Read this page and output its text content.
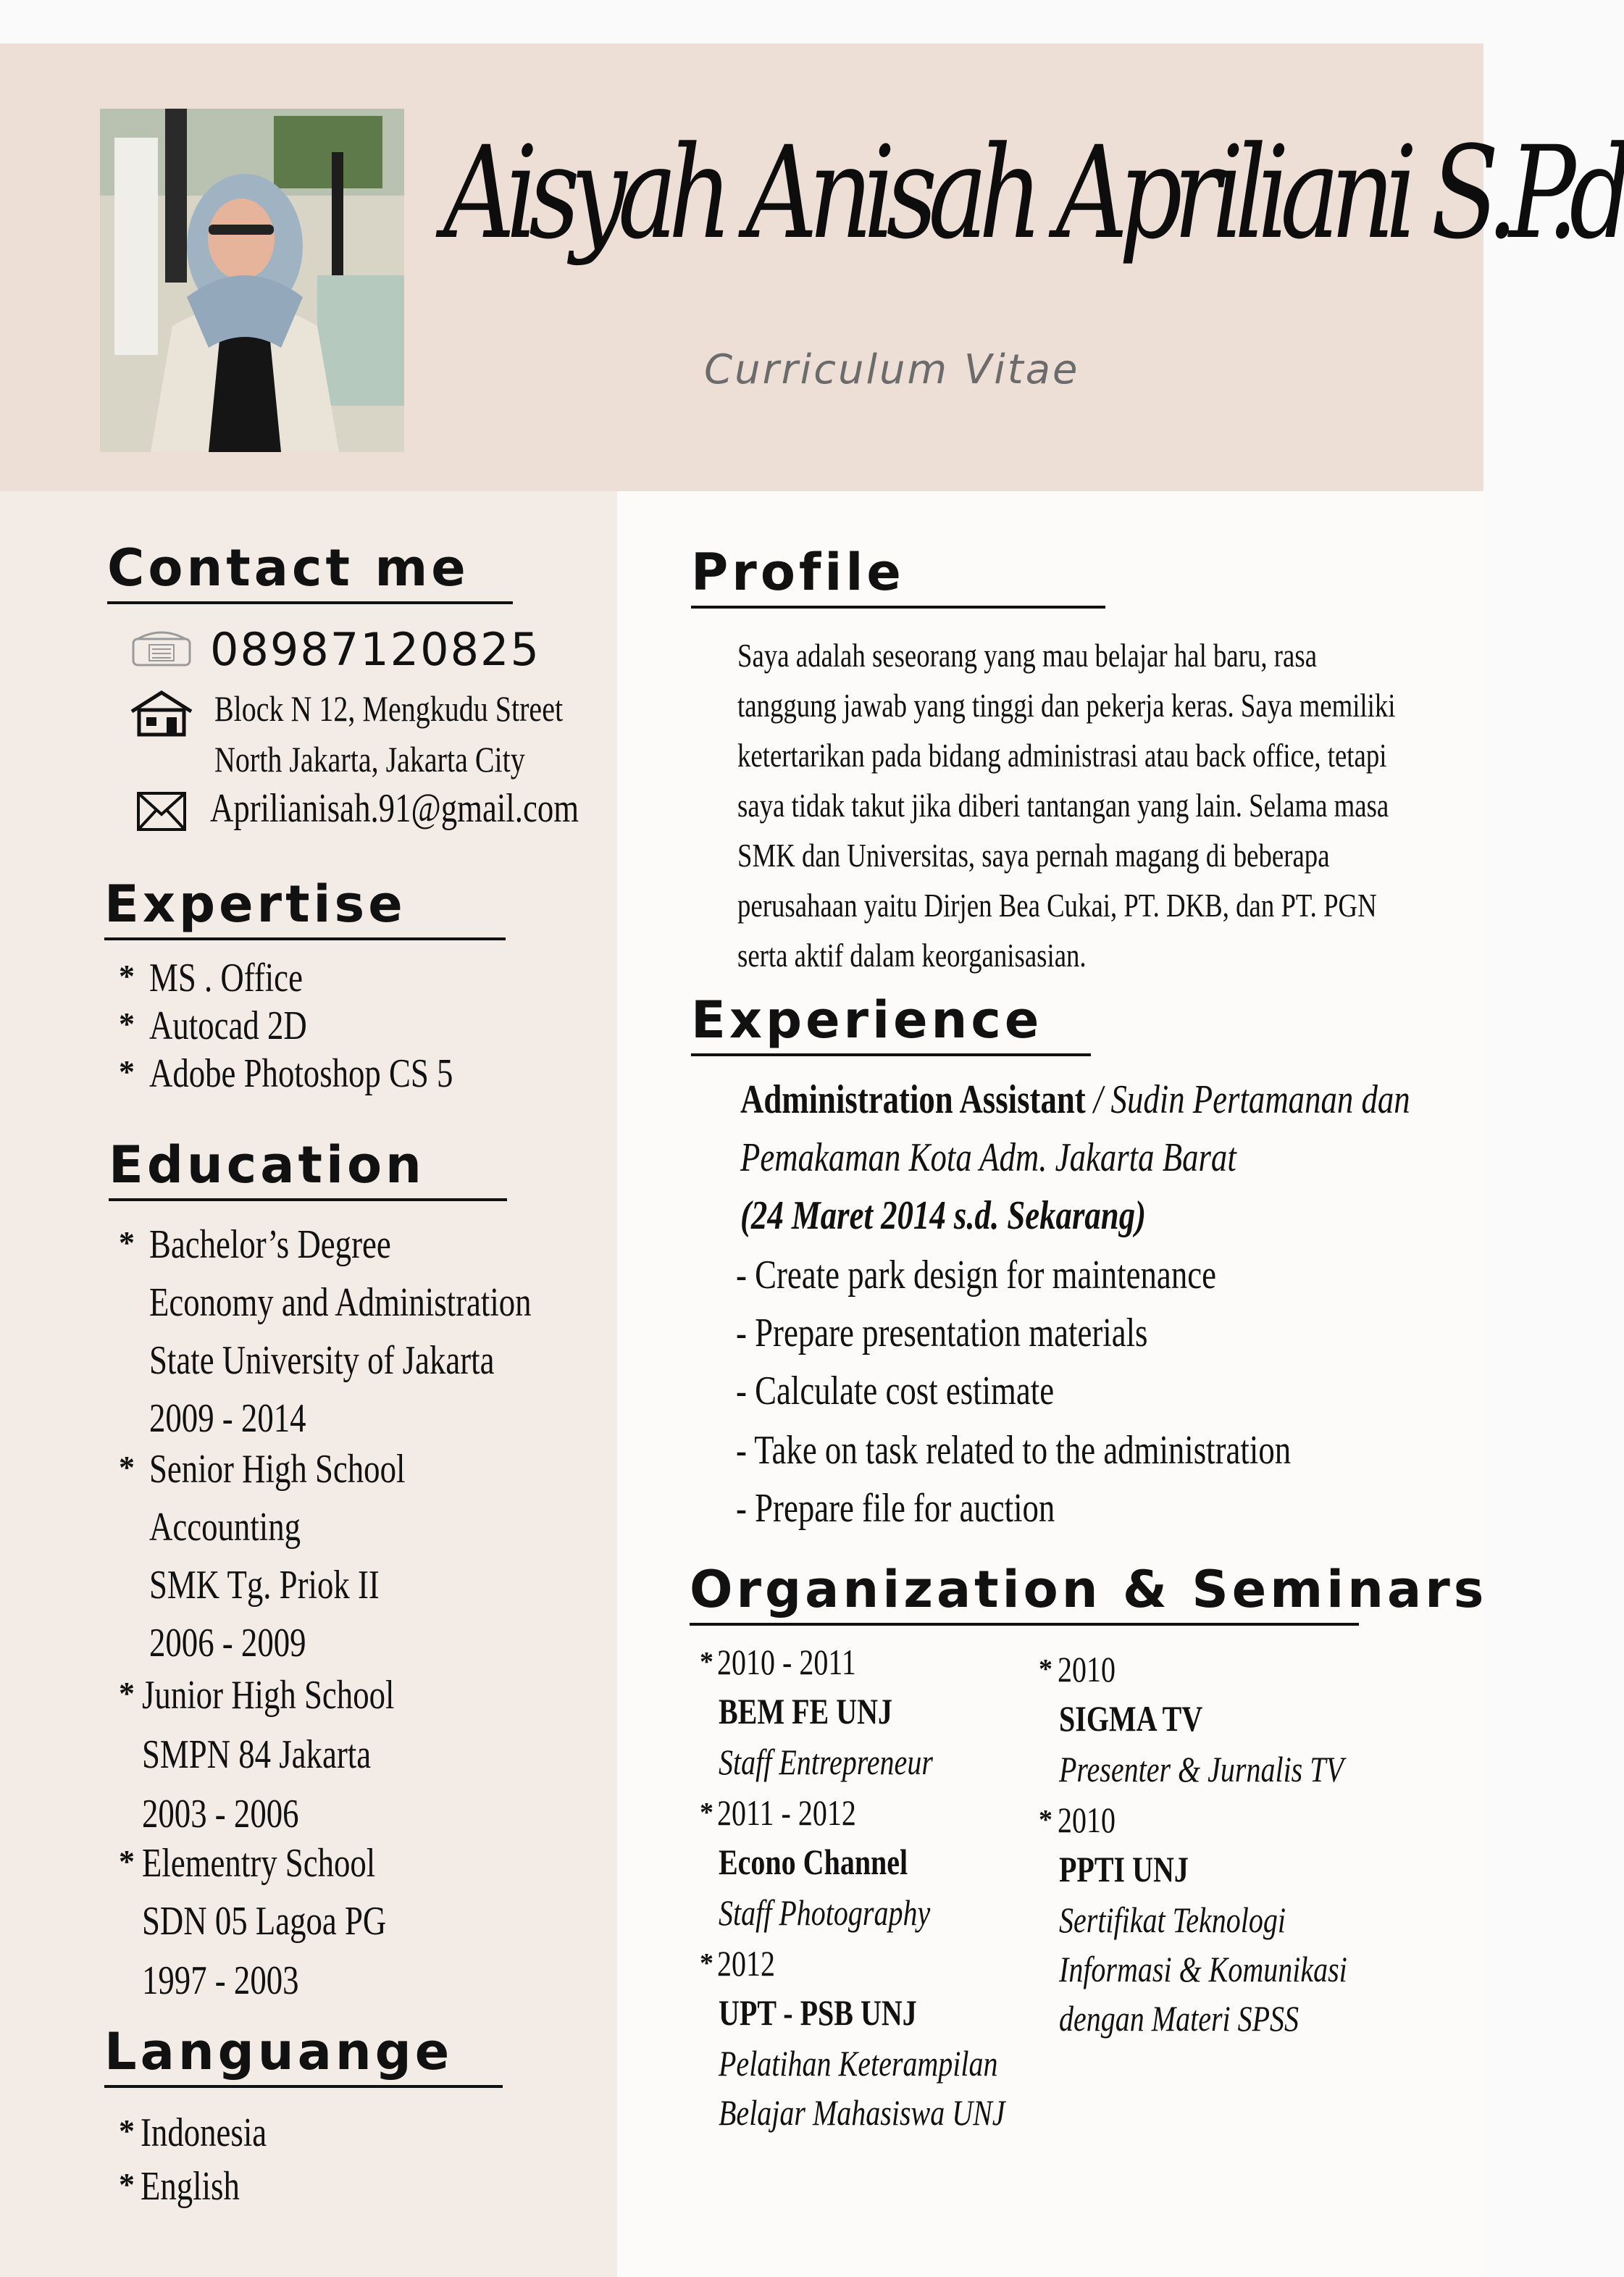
Aisyah Anisah Apriliani S.P.d
Curriculum Vitae
Contact me
08987120825
Block N 12, Mengkudu Street
North Jakarta, Jakarta City
Aprilianisah.91@gmail.com
Expertise
* MS . Office
* Autocad 2D
* Adobe Photoshop CS 5
Education
* Bachelor’s Degree
Economy and Administration
State University of Jakarta
2009 - 2014
* Senior High School
Accounting
SMK Tg. Priok II
2006 - 2009
* Junior High School
SMPN 84 Jakarta
2003 - 2006
* Elementry School
SDN 05 Lagoa PG
1997 - 2003
Languange
* Indonesia
* English
Profile
Saya adalah seseorang yang mau belajar hal baru, rasa
tanggung jawab yang tinggi dan pekerja keras. Saya memiliki
ketertarikan pada bidang administrasi atau back office, tetapi
saya tidak takut jika diberi tantangan yang lain. Selama masa
SMK dan Universitas, saya pernah magang di beberapa
perusahaan yaitu Dirjen Bea Cukai, PT. DKB, dan PT. PGN
serta aktif dalam keorganisasian.
Experience
Administration Assistant / Sudin Pertamanan dan
Pemakaman Kota Adm. Jakarta Barat
(24 Maret 2014 s.d. Sekarang)
- Create park design for maintenance
- Prepare presentation materials
- Calculate cost estimate
- Take on task related to the administration
- Prepare file for auction
Organization & Seminars
* 2010 - 2011
BEM FE UNJ
Staff Entrepreneur
* 2011 - 2012
Econo Channel
Staff Photography
* 2012
UPT - PSB UNJ
Pelatihan Keterampilan
Belajar Mahasiswa UNJ
* 2010
SIGMA TV
Presenter & Jurnalis TV
* 2010
PPTI UNJ
Sertifikat Teknologi
Informasi & Komunikasi
dengan Materi SPSS
